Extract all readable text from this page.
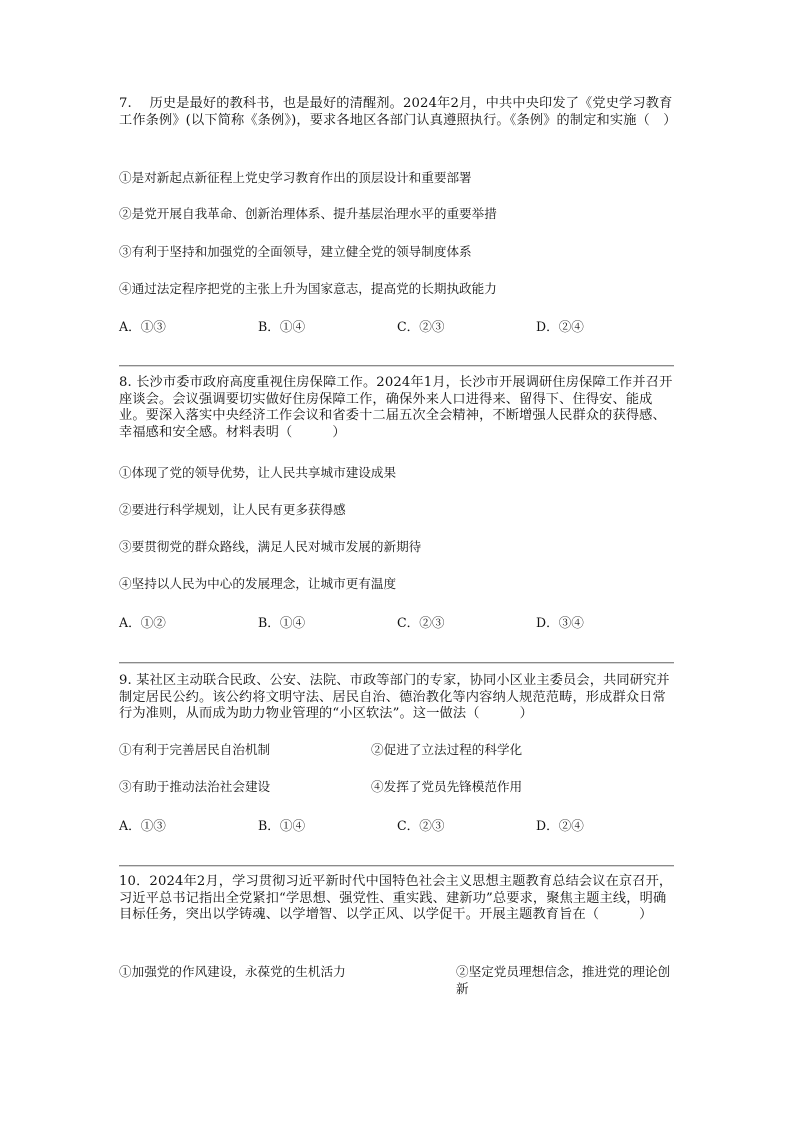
7.　 历史是最好的教科书，也是最好的清醒剂。2024年2月，中共中央印发了《党史学习教育工作条例》(以下简称《条例》)，要求各地区各部门认真遵照执行。《条例》的制定和实施（　）

①是对新起点新征程上党史学习教育作出的顶层设计和重要部署

②是党开展自我革命、创新治理体系、提升基层治理水平的重要举措

③有利于坚持和加强党的全面领导，建立健全党的领导制度体系

④通过法定程序把党的主张上升为国家意志，提高党的长期执政能力

A．①③	B．①④	C．②③	D．②④

8. 长沙市委市政府高度重视住房保障工作。2024年1月，长沙市开展调研住房保障工作并召开座谈会。会议强调要切实做好住房保障工作，确保外来人口进得来、留得下、住得安、能成业。要深入落实中央经济工作会议和省委十二届五次全会精神，不断增强人民群众的获得感、幸福感和安全感。材料表明（　　　）

①体现了党的领导优势，让人民共享城市建设成果

②要进行科学规划，让人民有更多获得感

③要贯彻党的群众路线，满足人民对城市发展的新期待

④坚持以人民为中心的发展理念，让城市更有温度

A．①②	B．①④	C．②③	D．③④

9. 某社区主动联合民政、公安、法院、市政等部门的专家，协同小区业主委员会，共同研究并制定居民公约。该公约将文明守法、居民自治、德治教化等内容纳人规范范畴，形成群众日常行为准则，从而成为助力物业管理的“小区软法”。这一做法（　　　）

①有利于完善居民自治机制	②促进了立法过程的科学化
③有助于推动法治社会建设	④发挥了党员先锋模范作用
A．①③	B．①④	C．②③	D．②④

10．2024年2月，学习贯彻习近平新时代中国特色社会主义思想主题教育总结会议在京召开，习近平总书记指出全党紧扣“学思想、强党性、重实践、建新功”总要求，聚焦主题主线，明确目标任务，突出以学铸魂、以学增智、以学正风、以学促干。开展主题教育旨在（　　　）

①加强党的作风建设，永葆党的生机活力	②坚定党员理想信念，推进党的理论创新
